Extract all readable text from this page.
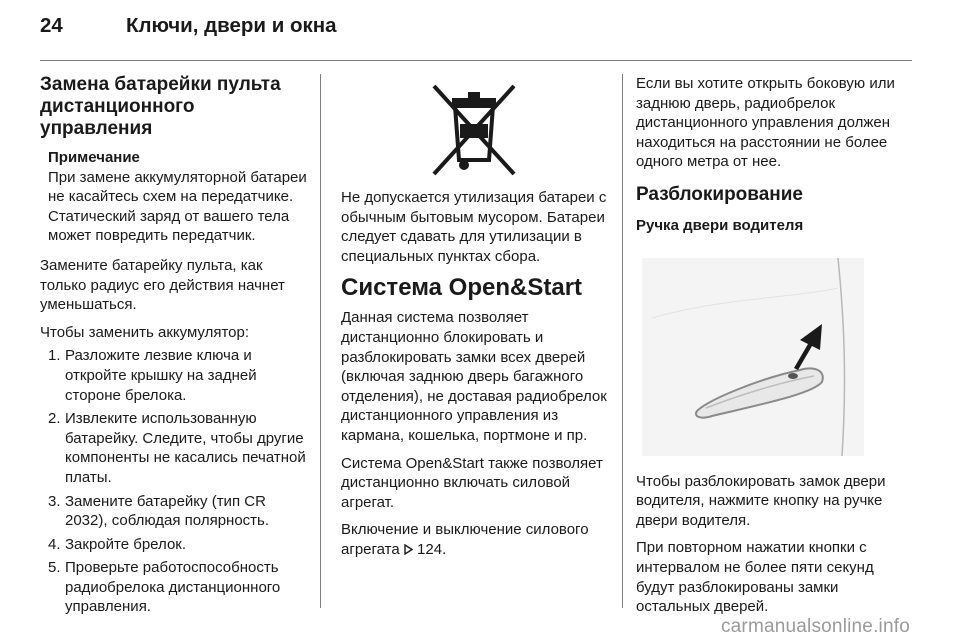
24	Ключи, двери и окна
Замена батарейки пульта дистанционного управления
Примечание
При замене аккумуляторной батареи не касайтесь схем на передатчике. Статический заряд от вашего тела может повредить передатчик.

Замените батарейку пульта, как только радиус его действия начнет уменьшаться.

Чтобы заменить аккумулятор:

1. Разложите лезвие ключа и откройте крышку на задней стороне брелока.
2. Извлеките использованную батарейку. Следите, чтобы другие компоненты не касались печатной платы.
3. Замените батарейку (тип CR 2032), соблюдая полярность.
4. Закройте брелок.
5. Проверьте работоспособность радиобрелока дистанционного управления.

Не допускается утилизация батареи с обычным бытовым мусором. Батареи следует сдавать для утилизации в специальных пунктах сбора.

Система Open&Start

Данная система позволяет дистанционно блокировать и разблокировать замки всех дверей (включая заднюю дверь багажного отделения), не доставая радиобрелок дистанционного управления из кармана, кошелька, портмоне и пр.

Система Open&Start также позволяет дистанционно включать силовой агрегат.

Включение и выключение силового агрегата 124.

Если вы хотите открыть боковую или заднюю дверь, радиобрелок дистанционного управления должен находиться на расстоянии не более одного метра от нее.

Разблокирование
Ручка двери водителя

Чтобы разблокировать замок двери водителя, нажмите кнопку на ручке двери водителя.

При повторном нажатии кнопки с интервалом не более пяти секунд будут разблокированы замки остальных дверей.

carmanualsonline.info
